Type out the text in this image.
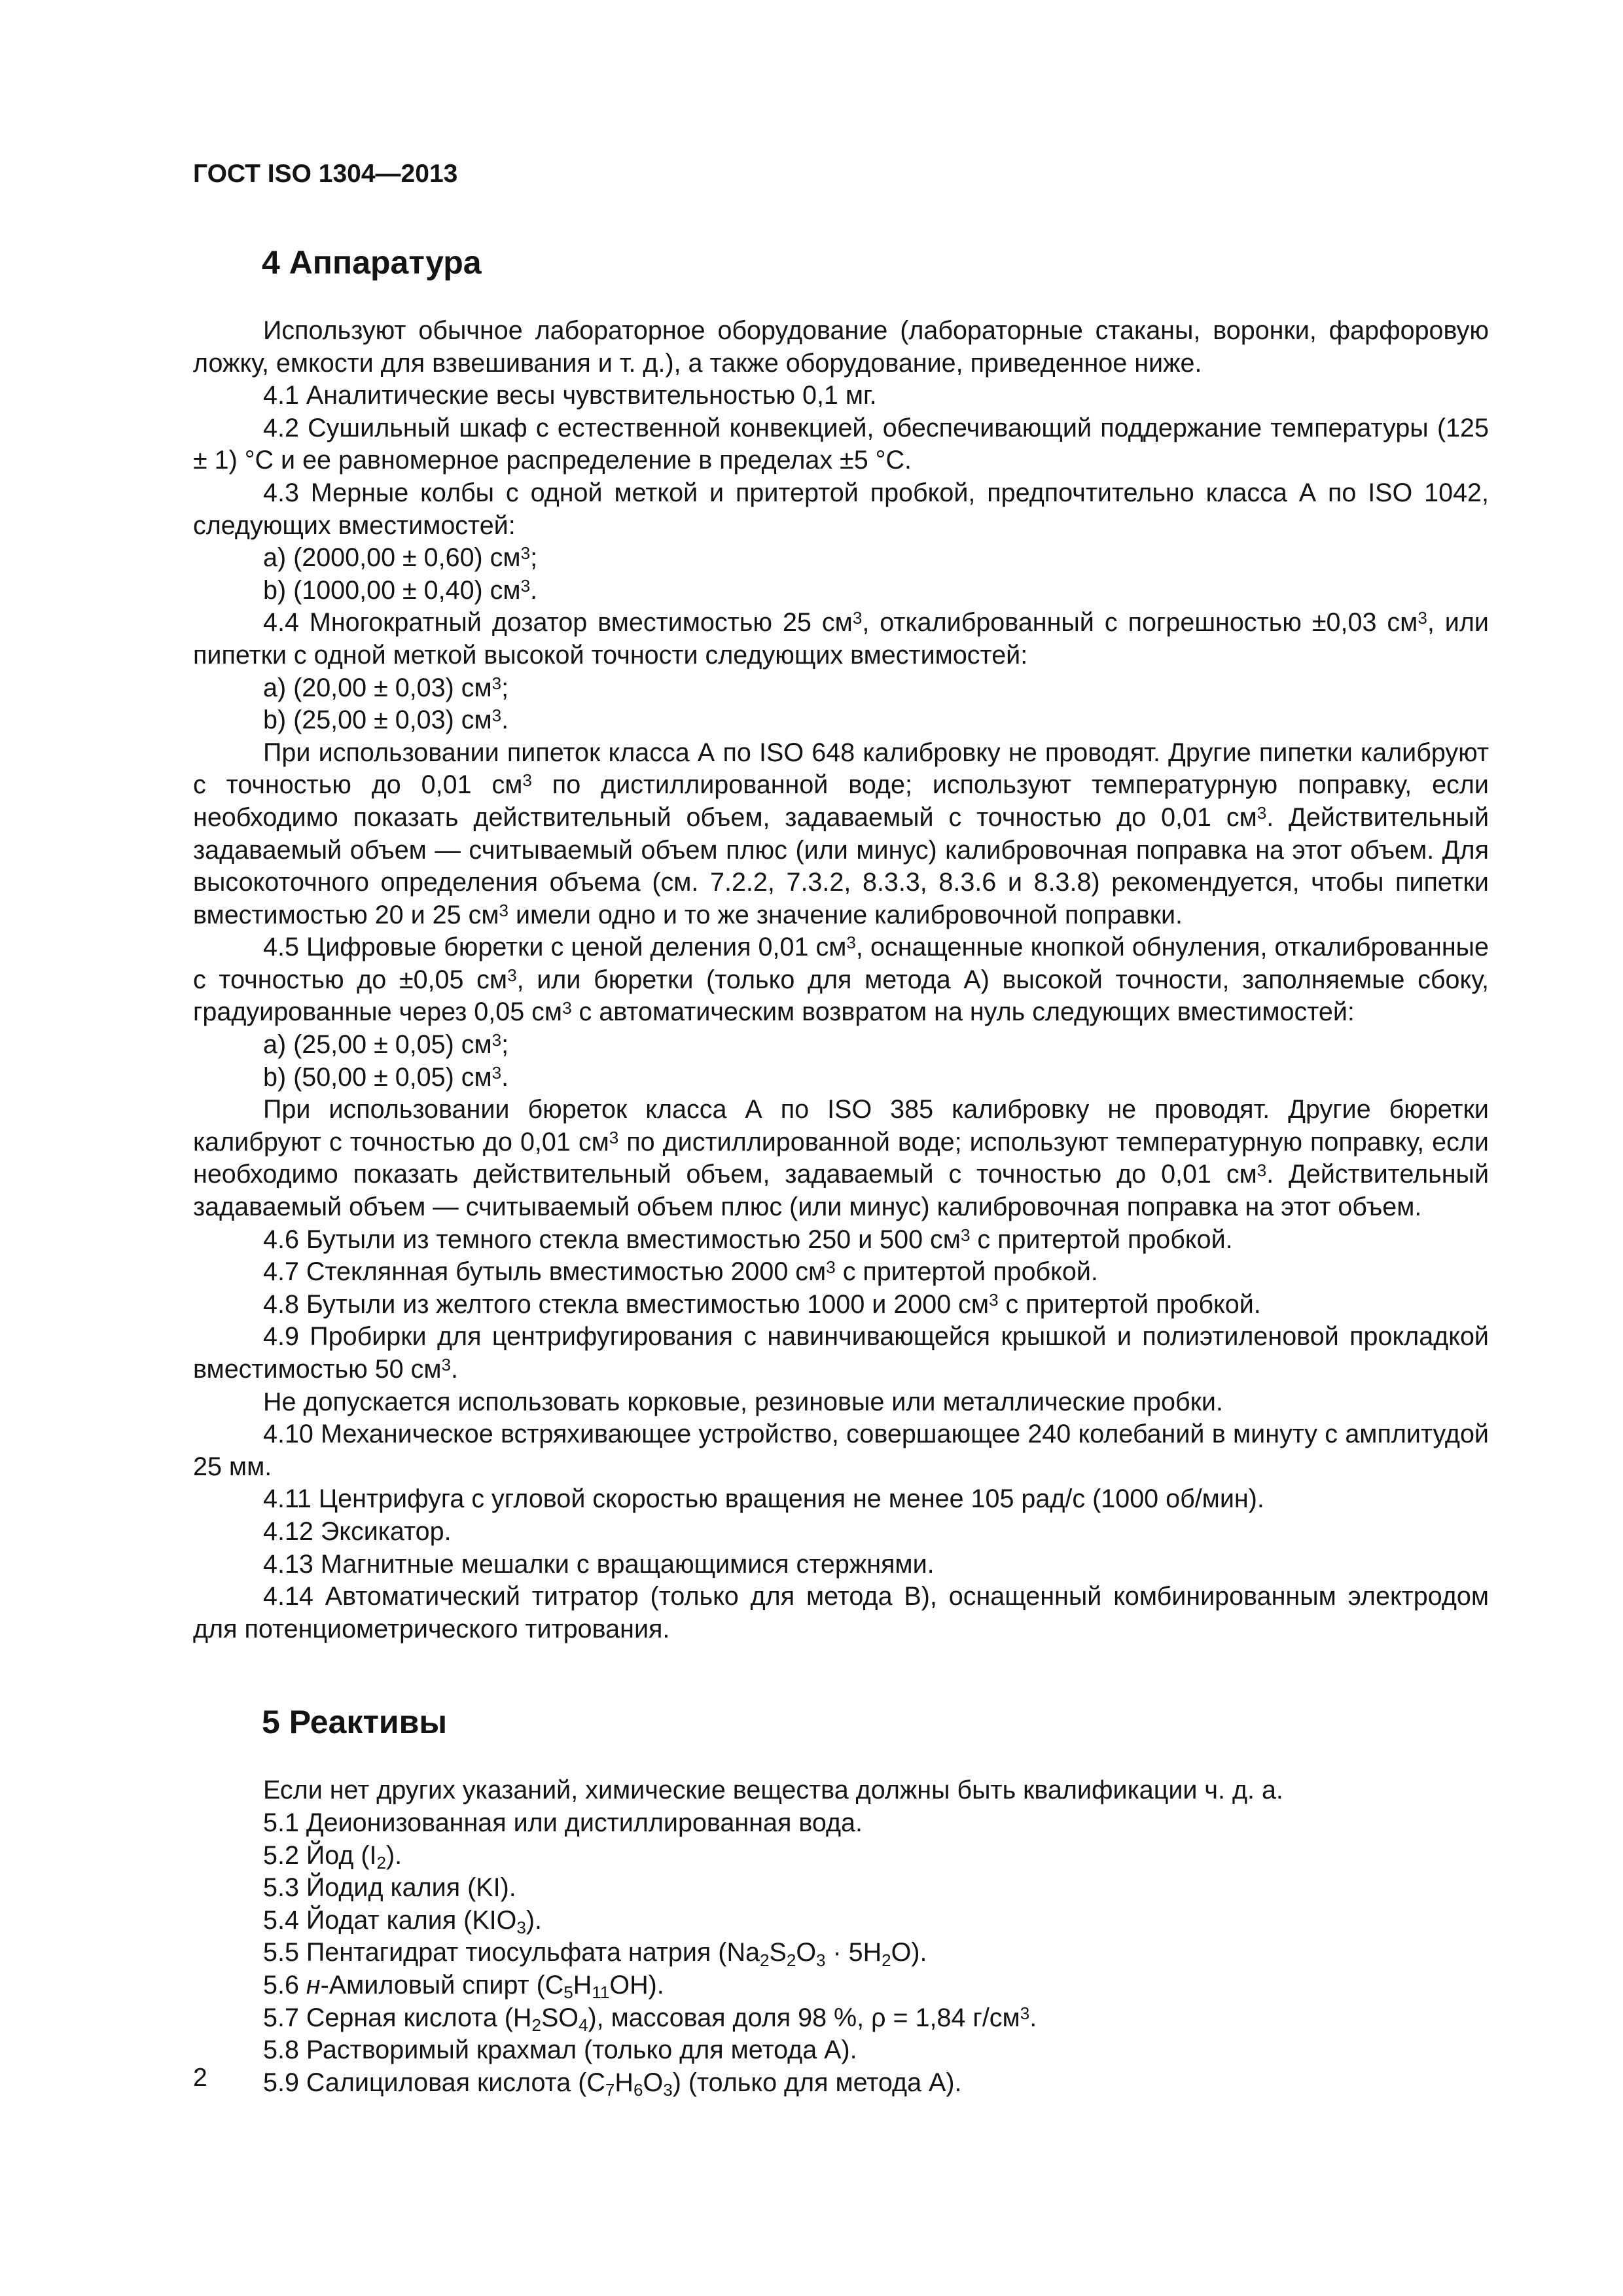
ГОСТ ISO 1304—2013
4 Аппаратура

Используют обычное лабораторное оборудование (лабораторные стаканы, воронки, фарфоровую ложку, емкости для взвешивания и т. д.), а также оборудование, приведенное ниже.

4.1 Аналитические весы чувствительностью 0,1 мг.

4.2 Сушильный шкаф с естественной конвекцией, обеспечивающий поддержание температуры (125 ± 1) °С и ее равномерное распределение в пределах ±5 °С.

4.3 Мерные колбы с одной меткой и притертой пробкой, предпочтительно класса А по ISO 1042, следующих вместимостей:

а) (2000,00 ± 0,60) $см^3$;

b) (1000,00 ± 0,40) $см^3$.

4.4 Многократный дозатор вместимостью 25 $см^3$, откалиброванный с погрешностью ±0,03 $см^3$, или пипетки с одной меткой высокой точности следующих вместимостей:

а) (20,00 ± 0,03) $см^3$;

b) (25,00 ± 0,03) $см^3$.

При использовании пипеток класса А по ISO 648 калибровку не проводят. Другие пипетки калибруют с точностью до 0,01 $см^3$ по дистиллированной воде; используют температурную поправку, если необходимо показать действительный объем, задаваемый с точностью до 0,01 $см^3$. Действительный задаваемый объем — считываемый объем плюс (или минус) калибровочная поправка на этот объем. Для высокоточного определения объема (см. 7.2.2, 7.3.2, 8.3.3, 8.3.6 и 8.3.8) рекомендуется, чтобы пипетки вместимостью 20 и 25 $см^3$ имели одно и то же значение калибровочной поправки.

4.5 Цифровые бюретки с ценой деления 0,01 $см^3$, оснащенные кнопкой обнуления, откалиброванные с точностью до ±0,05 $см^3$, или бюретки (только для метода А) высокой точности, заполняемые сбоку, градуированные через 0,05 $см^3$ с автоматическим возвратом на нуль следующих вместимостей:

а) (25,00 ± 0,05) $см^3$;

b) (50,00 ± 0,05) $см^3$.

При использовании бюреток класса А по ISO 385 калибровку не проводят. Другие бюретки калибруют с точностью до 0,01 $см^3$ по дистиллированной воде; используют температурную поправку, если необходимо показать действительный объем, задаваемый с точностью до 0,01 $см^3$. Действительный задаваемый объем — считываемый объем плюс (или минус) калибровочная поправка на этот объем.

4.6 Бутыли из темного стекла вместимостью 250 и 500 $см^3$ с притертой пробкой.

4.7 Стеклянная бутыль вместимостью 2000 $см^3$ с притертой пробкой.

4.8 Бутыли из желтого стекла вместимостью 1000 и 2000 $см^3$ с притертой пробкой.

4.9 Пробирки для центрифугирования с навинчивающейся крышкой и полиэтиленовой прокладкой вместимостью 50 $см^3$.

Не допускается использовать корковые, резиновые или металлические пробки.

4.10 Механическое встряхивающее устройство, совершающее 240 колебаний в минуту с амплитудой 25 мм.

4.11 Центрифуга с угловой скоростью вращения не менее 105 рад/с (1000 об/мин).

4.12 Эксикатор.

4.13 Магнитные мешалки с вращающимися стержнями.

4.14 Автоматический титратор (только для метода В), оснащенный комбинированным электродом для потенциометрического титрования.

5 Реактивы

Если нет других указаний, химические вещества должны быть квалификации ч. д. а.

5.1 Деионизованная или дистиллированная вода.

5.2 Йод $(I_2)$.

5.3 Йодид калия (KI).

5.4 Йодат калия $(KIO_3)$.

5.5 Пентагидрат тиосульфата натрия $(Na_2S_2O_3 \cdot 5H_2O)$.

5.6 н-Амиловый спирт $(C_5H_{11}OH)$.

5.7 Серная кислота $(H_2SO_4)$, массовая доля 98 %, ρ = 1,84 $г/см^3$.

5.8 Растворимый крахмал (только для метода А).

5.9 Салициловая кислота $(C_7H_6O_3)$ (только для метода А).

2
